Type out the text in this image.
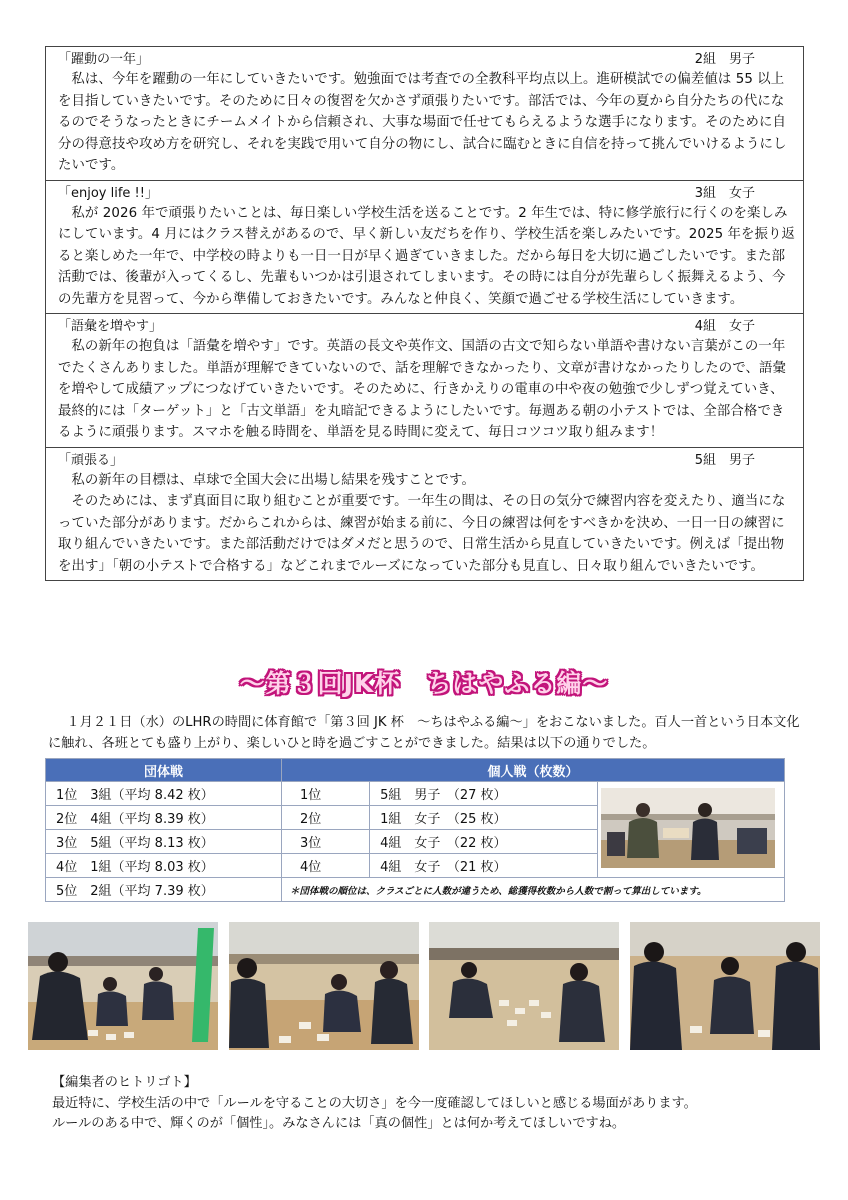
「躍動の一年」	2組　男子

私は、今年を躍動の一年にしていきたいです。勉強面では考査での全教科平均点以上。進研模試での偏差値は 55 以上を目指していきたいです。そのために日々の復習を欠かさず頑張りたいです。部活では、今年の夏から自分たちの代になるのでそうなったときにチームメイトから信頼され、大事な場面で任せてもらえるような選手になります。そのために自分の得意技や攻め方を研究し、それを実践で用いて自分の物にし、試合に臨むときに自信を持って挑んでいけるようにしたいです。

「enjoy life !!」	3組　女子

私が 2026 年で頑張りたいことは、毎日楽しい学校生活を送ることです。2 年生では、特に修学旅行に行くのを楽しみにしています。4 月にはクラス替えがあるので、早く新しい友だちを作り、学校生活を楽しみたいです。2025 年を振り返ると楽しめた一年で、中学校の時よりも一日一日が早く過ぎていきました。だから毎日を大切に過ごしたいです。また部活動では、後輩が入ってくるし、先輩もいつかは引退されてしまいます。その時には自分が先輩らしく振舞えるよう、今の先輩方を見習って、今から準備しておきたいです。みんなと仲良く、笑顔で過ごせる学校生活にしていきます。

「語彙を増やす」	4組　女子

私の新年の抱負は「語彙を増やす」です。英語の長文や英作文、国語の古文で知らない単語や書けない言葉がこの一年でたくさんありました。単語が理解できていないので、話を理解できなかったり、文章が書けなかったりしたので、語彙を増やして成績アップにつなげていきたいです。そのために、行きかえりの電車の中や夜の勉強で少しずつ覚えていき、最終的には「ターゲット」と「古文単語」を丸暗記できるようにしたいです。毎週ある朝の小テストでは、全部合格できるように頑張ります。スマホを触る時間を、単語を見る時間に変えて、毎日コツコツ取り組みます！

「頑張る」	5組　男子

私の新年の目標は、卓球で全国大会に出場し結果を残すことです。

そのためには、まず真面目に取り組むことが重要です。一年生の間は、その日の気分で練習内容を変えたり、適当になっていた部分があります。だからこれからは、練習が始まる前に、今日の練習は何をすべきかを決め、一日一日の練習に取り組んでいきたいです。また部活動だけではダメだと思うので、日常生活から見直していきたいです。例えば「提出物を出す」「朝の小テストで合格する」などこれまでルーズになっていた部分も見直し、日々取り組んでいきたいです。

～第３回JK杯　ちはやふる編～

１月２１日（水）のLHRの時間に体育館で「第３回 JK 杯　～ちはやふる編～」をおこないました。百人一首という日本文化に触れ、各班とても盛り上がり、楽しいひと時を過ごすことができました。結果は以下の通りでした。

団体戦	個人戦（枚数）		
1位　3組（平均 8.42 枚）	1位	5組　男子　（27 枚）	
2位　4組（平均 8.39 枚）	2位	1組　女子　（25 枚）	
3位　5組（平均 8.13 枚）	3位	4組　女子　（22 枚）	
4位　1組（平均 8.03 枚）	4位	4組　女子　（21 枚）	
5位　2組（平均 7.39 枚）	＊団体戦の順位は、クラスごとに人数が違うため、総獲得枚数から人数で割って算出しています。		

【編集者のヒトリゴト】

最近特に、学校生活の中で「ルールを守ることの大切さ」を今一度確認してほしいと感じる場面があります。

ルールのある中で、輝くのが「個性」。みなさんには「真の個性」とは何か考えてほしいですね。
